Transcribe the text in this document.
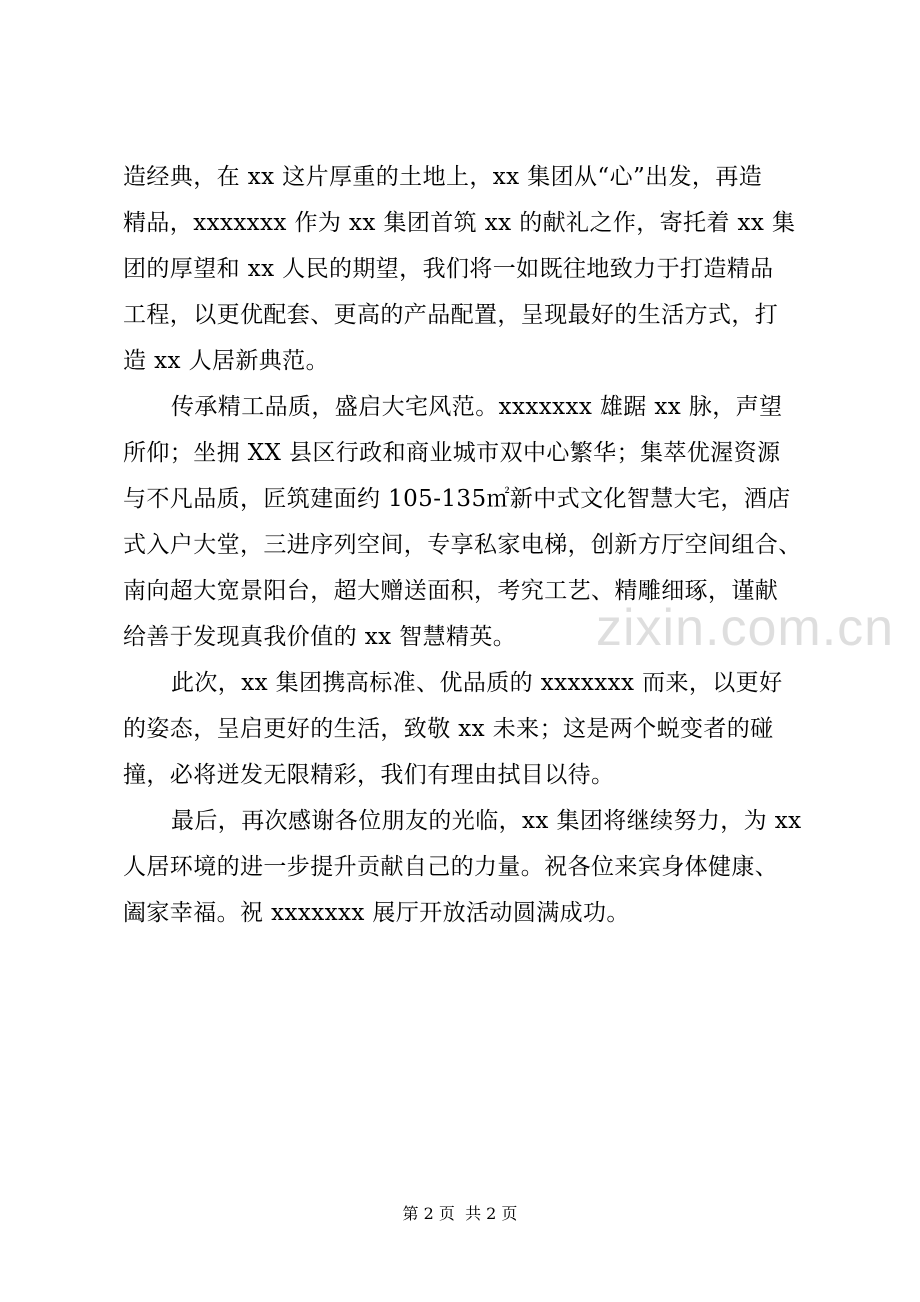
造经典，在 xx 这片厚重的土地上，xx 集团从“心”出发，再造
精品，xxxxxxx 作为 xx 集团首筑 xx 的献礼之作，寄托着 xx 集
团的厚望和 xx 人民的期望，我们将一如既往地致力于打造精品
工程，以更优配套、更高的产品配置，呈现最好的生活方式，打
造 xx 人居新典范。
传承精工品质，盛启大宅风范。xxxxxxx 雄踞 xx 脉，声望
所仰；坐拥 XX 县区行政和商业城市双中心繁华；集萃优渥资源
与不凡品质，匠筑建面约 105-135㎡新中式文化智慧大宅，酒店
式入户大堂，三进序列空间，专享私家电梯，创新方厅空间组合、
南向超大宽景阳台，超大赠送面积，考究工艺、精雕细琢，谨献
给善于发现真我价值的 xx 智慧精英。
此次，xx 集团携高标准、优品质的 xxxxxxx 而来，以更好
的姿态，呈启更好的生活，致敬 xx 未来；这是两个蜕变者的碰
撞，必将迸发无限精彩，我们有理由拭目以待。
最后，再次感谢各位朋友的光临，xx 集团将继续努力，为 xx
人居环境的进一步提升贡献自己的力量。祝各位来宾身体健康、
阖家幸福。祝 xxxxxxx 展厅开放活动圆满成功。
zixin.com.cn
第 2 页  共 2 页
